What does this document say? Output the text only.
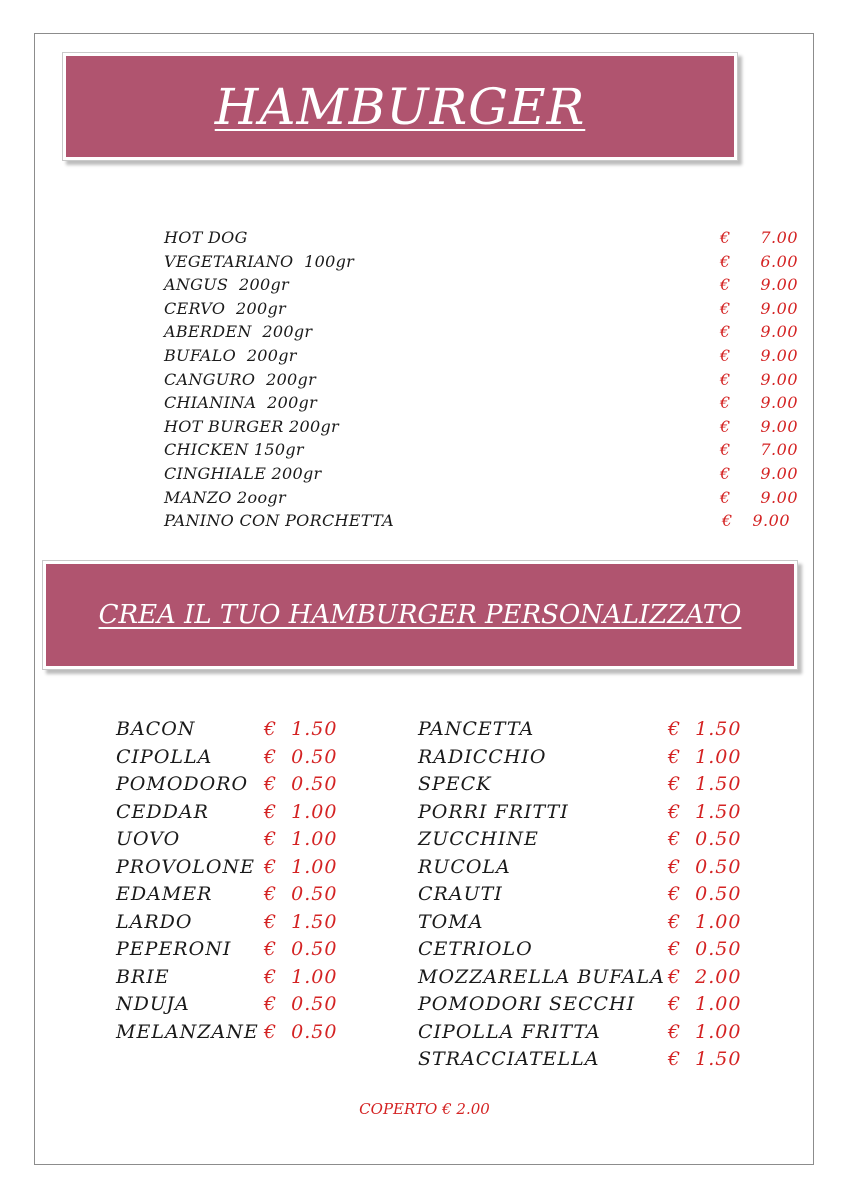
HAMBURGER
HOT DOG	€ 7.00
VEGETARIANO  100gr	€ 6.00
ANGUS  200gr	€ 9.00
CERVO  200gr	€ 9.00
ABERDEN  200gr	€ 9.00
BUFALO  200gr	€ 9.00
CANGURO  200gr	€ 9.00
CHIANINA  200gr	€ 9.00
HOT BURGER 200gr	€ 9.00
CHICKEN 150gr	€ 7.00
CINGHIALE 200gr	€ 9.00
MANZO 2oogr	€ 9.00
PANINO CON PORCHETTA	€ 9.00
CREA IL TUO HAMBURGER PERSONALIZZATO
BACON	€  1.50
CIPOLLA	€  0.50
POMODORO €  0.50
CEDDAR	€  1.00
UOVO	€  1.00
PROVOLONE €  1.00
EDAMER	€  0.50
LARDO	€  1.50
PEPERONI €  0.50
BRIE	€  1.00
NDUJA	€  0.50
MELANZANE €  0.50
PANCETTA	€  1.50
RADICCHIO	€  1.00
SPECK	€  1.50
PORRI FRITTI	€  1.50
ZUCCHINE	€  0.50
RUCOLA	€  0.50
CRAUTI	€  0.50
TOMA	€  1.00
CETRIOLO	€  0.50
MOZZARELLA BUFALA €  2.00
POMODORI SECCHI €  1.00
CIPOLLA FRITTA	€  1.00
STRACCIATELLA	€  1.50
COPERTO € 2.00
